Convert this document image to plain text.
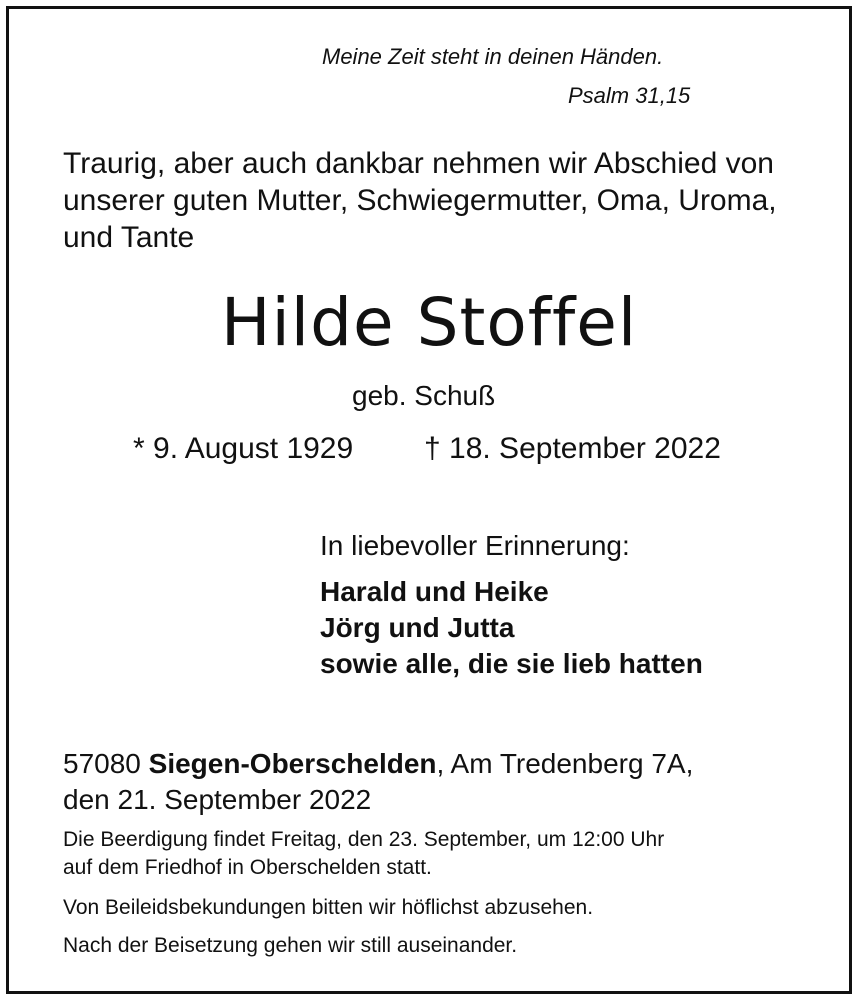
Meine Zeit steht in deinen Händen.

Psalm 31,15

Traurig, aber auch dankbar nehmen wir Abschied von unserer guten Mutter, Schwiegermutter, Oma, Uroma, und Tante

Hilde Stoffel

geb. Schuß

* 9. August 1929 † 18. September 2022

In liebevoller Erinnerung:

Harald und Heike
Jörg und Jutta
sowie alle, die sie lieb hatten
57080 Siegen-Oberschelden, Am Tredenberg 7A,
den 21. September 2022
Die Beerdigung findet Freitag, den 23. September, um 12:00 Uhr
auf dem Friedhof in Oberschelden statt.

Von Beileidsbekundungen bitten wir höflichst abzusehen.

Nach der Beisetzung gehen wir still auseinander.
